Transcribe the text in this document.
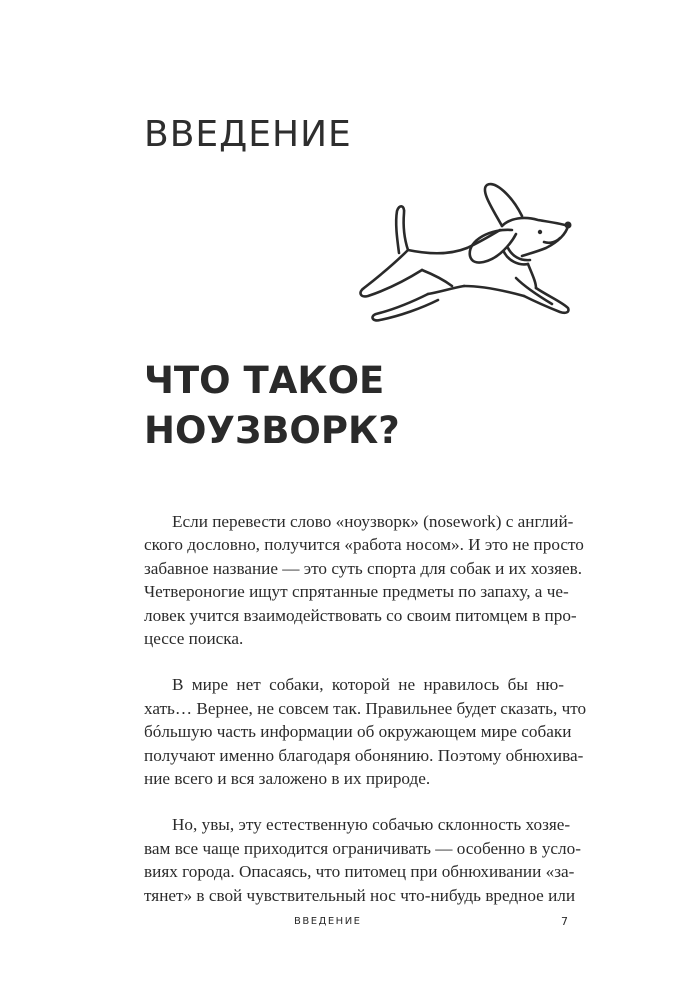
ВВЕДЕНИЕ
ЧТО ТАКОЕ
НОУЗВОРК?

Если перевести слово «ноузворк» (nosework) с англий-
ского дословно, получится «работа носом». И это не просто
забавное название — это суть спорта для собак и их хозяев.
Четвероногие ищут спрятанные предметы по запаху, а че-
ловек учится взаимодействовать со своим питомцем в про-
цессе поиска.

В мире нет собаки, которой не нравилось бы ню-
хать… Вернее, не совсем так. Правильнее будет сказать, что
бóльшую часть информации об окружающем мире собаки
получают именно благодаря обонянию. Поэтому обнюхива-
ние всего и вся заложено в их природе.

Но, увы, эту естественную собачью склонность хозяе-
вам все чаще приходится ограничивать — особенно в усло-
виях города. Опасаясь, что питомец при обнюхивании «за-
тянет» в свой чувствительный нос что-нибудь вредное или

ВВЕДЕНИЕ	7
